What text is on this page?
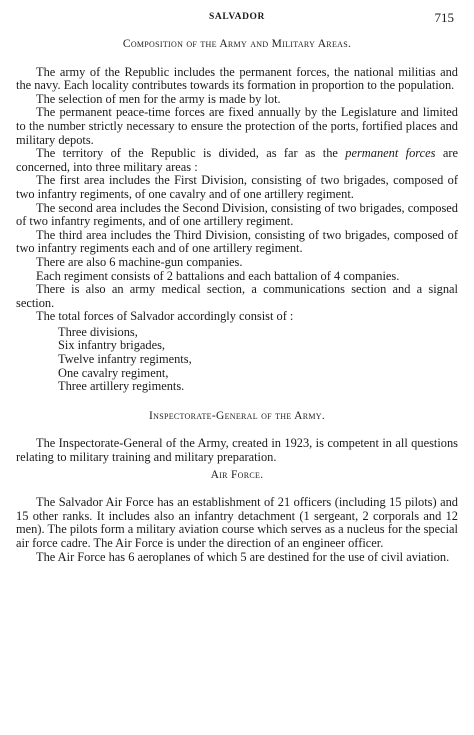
SALVADOR	715
Composition of the Army and Military Areas.

The army of the Republic includes the permanent forces, the national militias and the navy. Each locality contributes towards its formation in proportion to the population.

The selection of men for the army is made by lot.

The permanent peace-time forces are fixed annually by the Legislature and limited to the number strictly necessary to ensure the protection of the ports, fortified places and military depots.

The territory of the Republic is divided, as far as the permanent forces are concerned, into three military areas :

The first area includes the First Division, consisting of two brigades, composed of two infantry regiments, of one cavalry and of one artillery regiment.

The second area includes the Second Division, consisting of two brigades, composed of two infantry regiments, and of one artillery regiment.

The third area includes the Third Division, consisting of two brigades, composed of two infantry regiments each and of one artillery regiment.

There are also 6 machine-gun companies.

Each regiment consists of 2 battalions and each battalion of 4 companies.

There is also an army medical section, a communications section and a signal section.

The total forces of Salvador accordingly consist of :

Three divisions,
Six infantry brigades,
Twelve infantry regiments,
One cavalry regiment,
Three artillery regiments.
Inspectorate-General of the Army.

The Inspectorate-General of the Army, created in 1923, is competent in all questions relating to military training and military preparation.

Air Force.

The Salvador Air Force has an establishment of 21 officers (including 15 pilots) and 15 other ranks. It includes also an infantry detachment (1 sergeant, 2 corporals and 12 men). The pilots form a military aviation course which serves as a nucleus for the special air force cadre. The Air Force is under the direction of an engineer officer.

The Air Force has 6 aeroplanes of which 5 are destined for the use of civil aviation.
